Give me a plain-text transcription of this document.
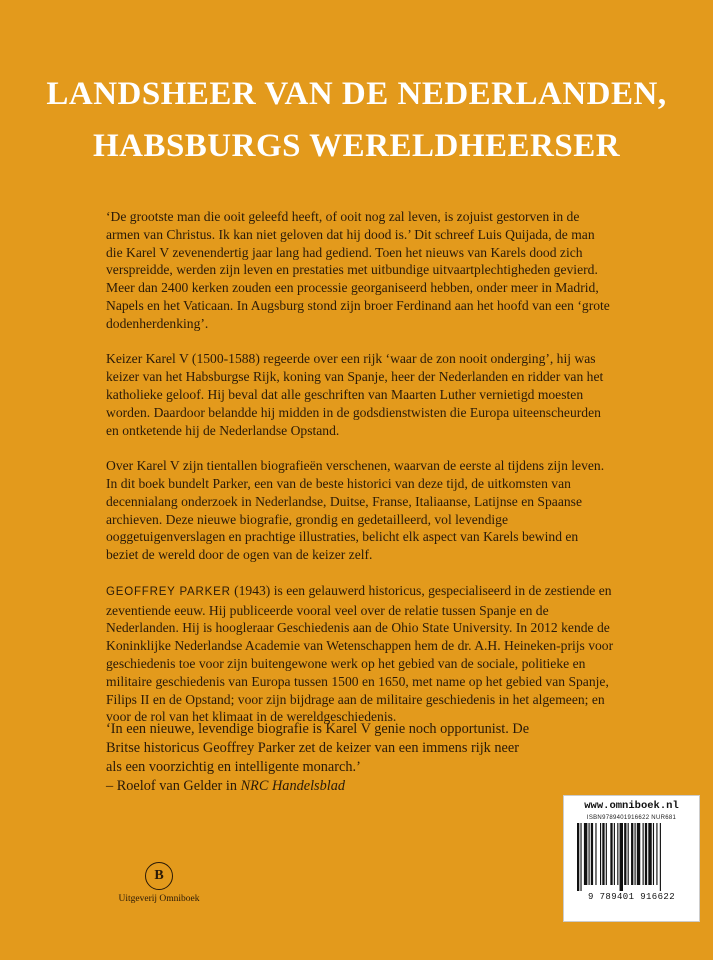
LANDSHEER VAN DE NEDERLANDEN,
HABSBURGS WERELDHEERSER

‘De grootste man die ooit geleefd heeft, of ooit nog zal leven, is zojuist gestorven in de armen van Christus. Ik kan niet geloven dat hij dood is.’ Dit schreef Luis Quijada, de man die Karel V zevenendertig jaar lang had gediend. Toen het nieuws van Karels dood zich verspreidde, werden zijn leven en prestaties met uitbundige uitvaartplechtigheden gevierd. Meer dan 2400 kerken zouden een processie georganiseerd hebben, onder meer in Madrid, Napels en het Vaticaan. In Augsburg stond zijn broer Ferdinand aan het hoofd van een ‘grote dodenherdenking’.

Keizer Karel V (1500-1588) regeerde over een rijk ‘waar de zon nooit onderging’, hij was keizer van het Habsburgse Rijk, koning van Spanje, heer der Nederlanden en ridder van het katholieke geloof. Hij beval dat alle geschriften van Maarten Luther vernietigd moesten worden. Daardoor belandde hij midden in de godsdienstwisten die Europa uiteenscheurden en ontketende hij de Nederlandse Opstand.

Over Karel V zijn tientallen biografieën verschenen, waarvan de eerste al tijdens zijn leven. In dit boek bundelt Parker, een van de beste historici van deze tijd, de uitkomsten van decennialang onderzoek in Nederlandse, Duitse, Franse, Italiaanse, Latijnse en Spaanse archieven. Deze nieuwe biografie, grondig en gedetailleerd, vol levendige ooggetuigenverslagen en prachtige illustraties, belicht elk aspect van Karels bewind en beziet de wereld door de ogen van de keizer zelf.

GEOFFREY PARKER (1943) is een gelauwerd historicus, gespecialiseerd in de zestiende en zeventiende eeuw. Hij publiceerde vooral veel over de relatie tussen Spanje en de Nederlanden. Hij is hoogleraar Geschiedenis aan de Ohio State University. In 2012 kende de Koninklijke Nederlandse Academie van Wetenschappen hem de dr. A.H. Heineken-prijs voor geschiedenis toe voor zijn buitengewone werk op het gebied van de sociale, politieke en militaire geschiedenis van Europa tussen 1500 en 1650, met name op het gebied van Spanje, Filips II en de Opstand; voor zijn bijdrage aan de militaire geschiedenis in het algemeen; en voor de rol van het klimaat in de wereldgeschiedenis.

‘In een nieuwe, levendige biografie is Karel V genie noch opportunist. De Britse historicus Geoffrey Parker zet de keizer van een immens rijk neer als een voorzichtig en intelligente monarch.’
– Roelof van Gelder in NRC Handelsblad
B
Uitgeverij Omniboek
www.omniboek.nl
ISBN9789401916622 NUR681
9 789401 916622
